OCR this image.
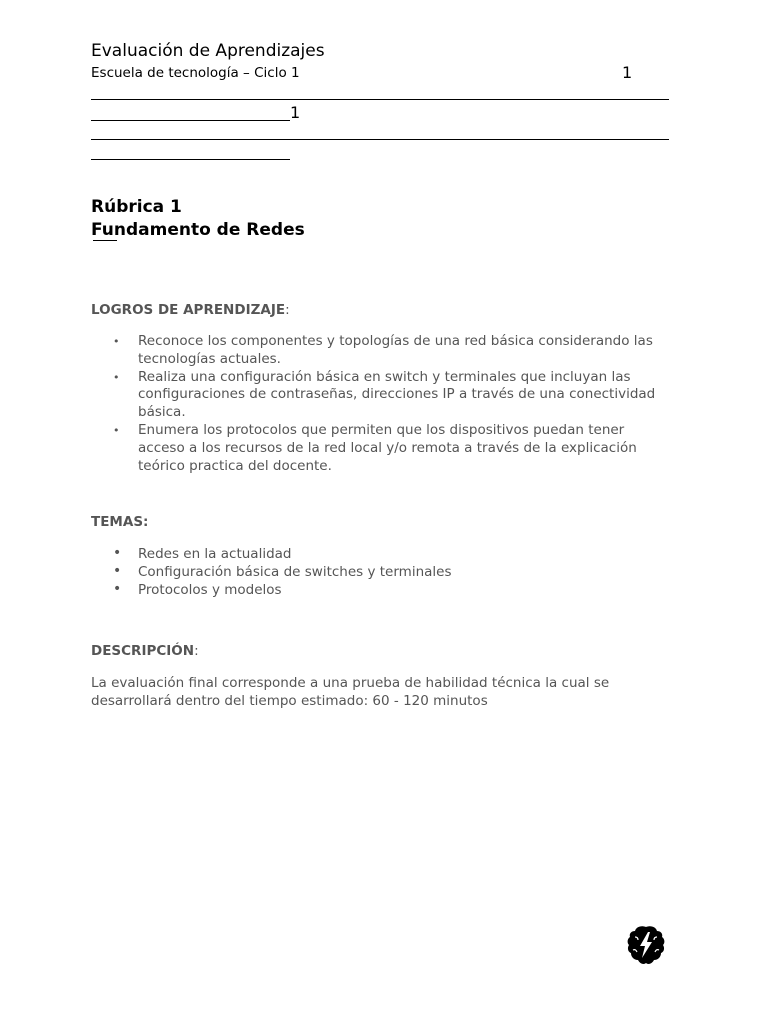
Evaluación de Aprendizajes
Escuela de tecnología – Ciclo 1	1
1
Rúbrica 1
Fundamento de Redes
LOGROS DE APRENDIZAJE:
• Reconoce los componentes y topologías de una red básica considerando las tecnologías actuales.
• Realiza una configuración básica en switch y terminales que incluyan las configuraciones de contraseñas, direcciones IP a través de una conectividad básica.
• Enumera los protocolos que permiten que los dispositivos puedan tener acceso a los recursos de la red local y/o remota a través de la explicación teórico practica del docente.
TEMAS:
• Redes en la actualidad
• Configuración básica de switches y terminales
• Protocolos y modelos
DESCRIPCIÓN:
La evaluación final corresponde a una prueba de habilidad técnica la cual se desarrollará dentro del tiempo estimado: 60 - 120 minutos
